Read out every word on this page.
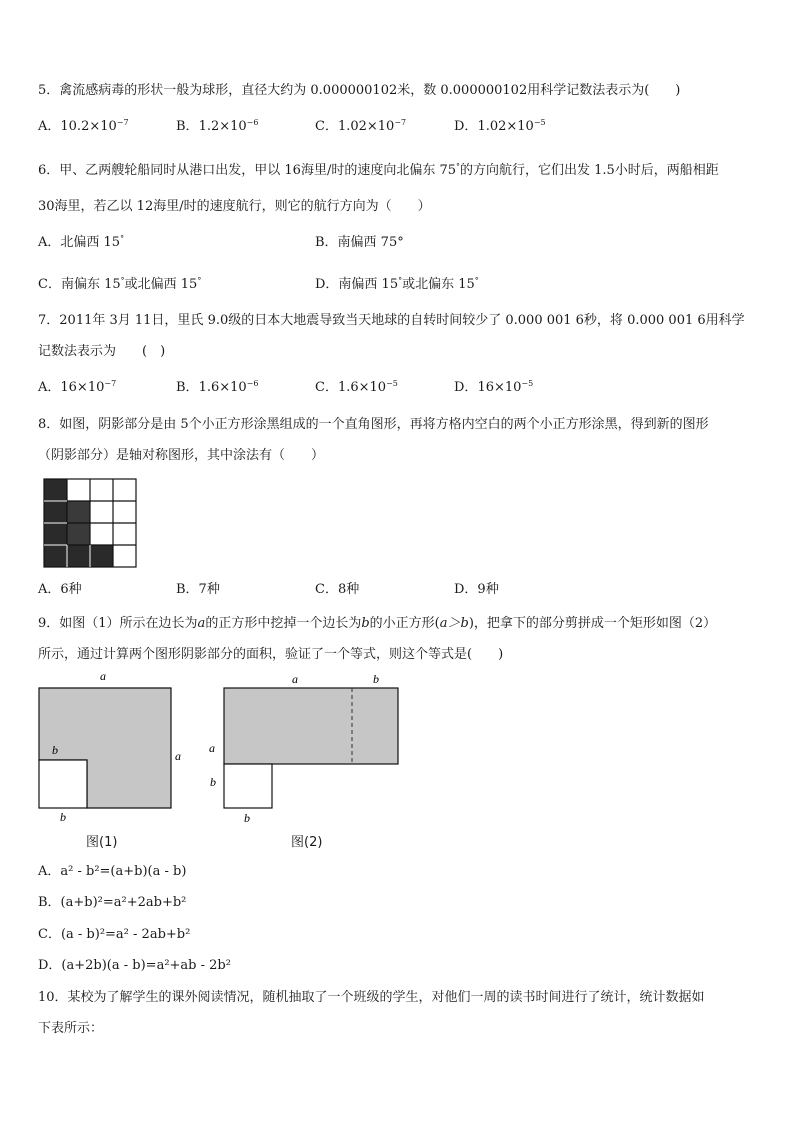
5．禽流感病毒的形状一般为球形，直径大约为 0.000000102米，数 0.000000102用科学记数法表示为(　　)
A．$10.2\times 10^{-7}$	B．$1.2\times 10^{-6}$	C．$1.02\times 10^{-7}$	D．$1.02\times 10^{-5}$
6．甲、乙两艘轮船同时从港口出发，甲以 16海里/时的速度向北偏东 75°的方向航行，它们出发 1.5小时后，两船相距
30海里，若乙以 12海里/时的速度航行，则它的航行方向为（　　）
A．北偏西 15°	B．南偏西 75°
C．南偏东 15°或北偏西 15°	D．南偏西 15°或北偏东 15°
7．2011年 3月 11日，里氏 9.0级的日本大地震导致当天地球的自转时间较少了 0.000 001 6秒，将 0.000 001 6用科学
记数法表示为　　(　)
A．$16\times 10^{-7}$	B．$1.6\times 10^{-6}$	C．$1.6\times 10^{-5}$	D．$16\times 10^{-5}$
8．如图，阴影部分是由 5个小正方形涂黑组成的一个直角图形，再将方格内空白的两个小正方形涂黑，得到新的图形
（阴影部分）是轴对称图形，其中涂法有（　　）
A．6种	B．7种	C．8种	D．9种
9．如图（1）所示在边长为a的正方形中挖掉一个边长为b的小正方形(a＞b)，把拿下的部分剪拼成一个矩形如图（2）
所示，通过计算两个图形阴影部分的面积，验证了一个等式，则这个等式是(　　)
a
a
b
b
图(1)
a	b
a
b
b
图(2)
A．a² - b²=(a+b)(a - b)
B．(a+b)²=a²+2ab+b²
C．(a - b)²=a² - 2ab+b²
D．(a+2b)(a - b)=a²+ab - 2b²
10．某校为了解学生的课外阅读情况，随机抽取了一个班级的学生，对他们一周的读书时间进行了统计，统计数据如
下表所示：
